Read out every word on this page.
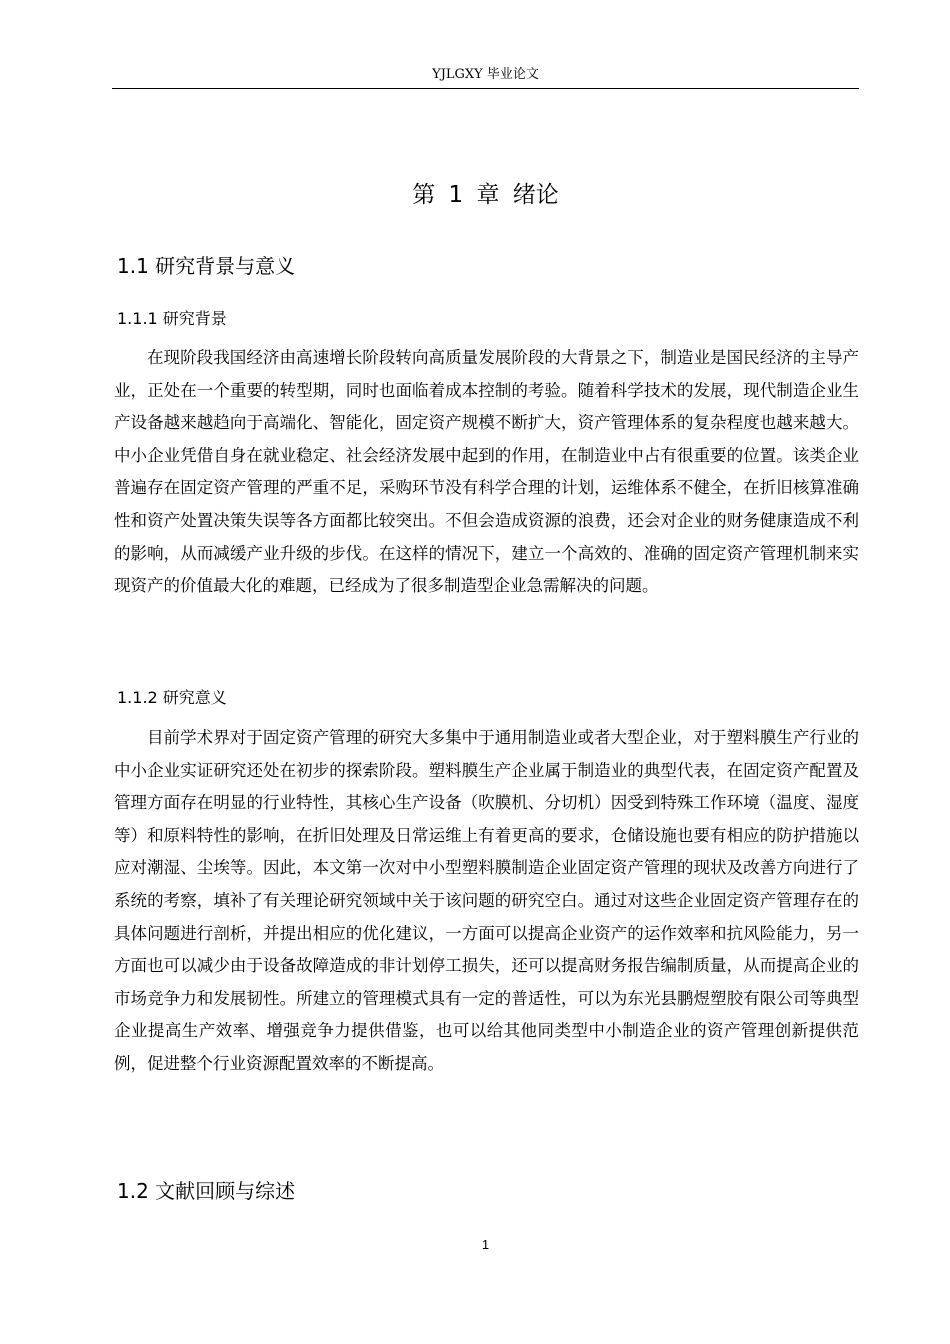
YJLGXY 毕业论文
第 1 章 绪论
1.1 研究背景与意义
1.1.1 研究背景

在现阶段我国经济由高速增长阶段转向高质量发展阶段的大背景之下，制造业是国民经济的主导产业，正处在一个重要的转型期，同时也面临着成本控制的考验。随着科学技术的发展，现代制造企业生产设备越来越趋向于高端化、智能化，固定资产规模不断扩大，资产管理体系的复杂程度也越来越大。中小企业凭借自身在就业稳定、社会经济发展中起到的作用，在制造业中占有很重要的位置。该类企业普遍存在固定资产管理的严重不足，采购环节没有科学合理的计划，运维体系不健全，在折旧核算准确性和资产处置决策失误等各方面都比较突出。不但会造成资源的浪费，还会对企业的财务健康造成不利的影响，从而减缓产业升级的步伐。在这样的情况下，建立一个高效的、准确的固定资产管理机制来实现资产的价值最大化的难题，已经成为了很多制造型企业急需解决的问题。

1.1.2 研究意义

目前学术界对于固定资产管理的研究大多集中于通用制造业或者大型企业，对于塑料膜生产行业的中小企业实证研究还处在初步的探索阶段。塑料膜生产企业属于制造业的典型代表，在固定资产配置及管理方面存在明显的行业特性，其核心生产设备（吹膜机、分切机）因受到特殊工作环境（温度、湿度等）和原料特性的影响，在折旧处理及日常运维上有着更高的要求，仓储设施也要有相应的防护措施以应对潮湿、尘埃等。因此，本文第一次对中小型塑料膜制造企业固定资产管理的现状及改善方向进行了系统的考察，填补了有关理论研究领域中关于该问题的研究空白。通过对这些企业固定资产管理存在的具体问题进行剖析，并提出相应的优化建议，一方面可以提高企业资产的运作效率和抗风险能力，另一方面也可以减少由于设备故障造成的非计划停工损失，还可以提高财务报告编制质量，从而提高企业的市场竞争力和发展韧性。所建立的管理模式具有一定的普适性，可以为东光县鹏煜塑胶有限公司等典型企业提高生产效率、增强竞争力提供借鉴，也可以给其他同类型中小制造企业的资产管理创新提供范例，促进整个行业资源配置效率的不断提高。

1.2 文献回顾与综述
1
